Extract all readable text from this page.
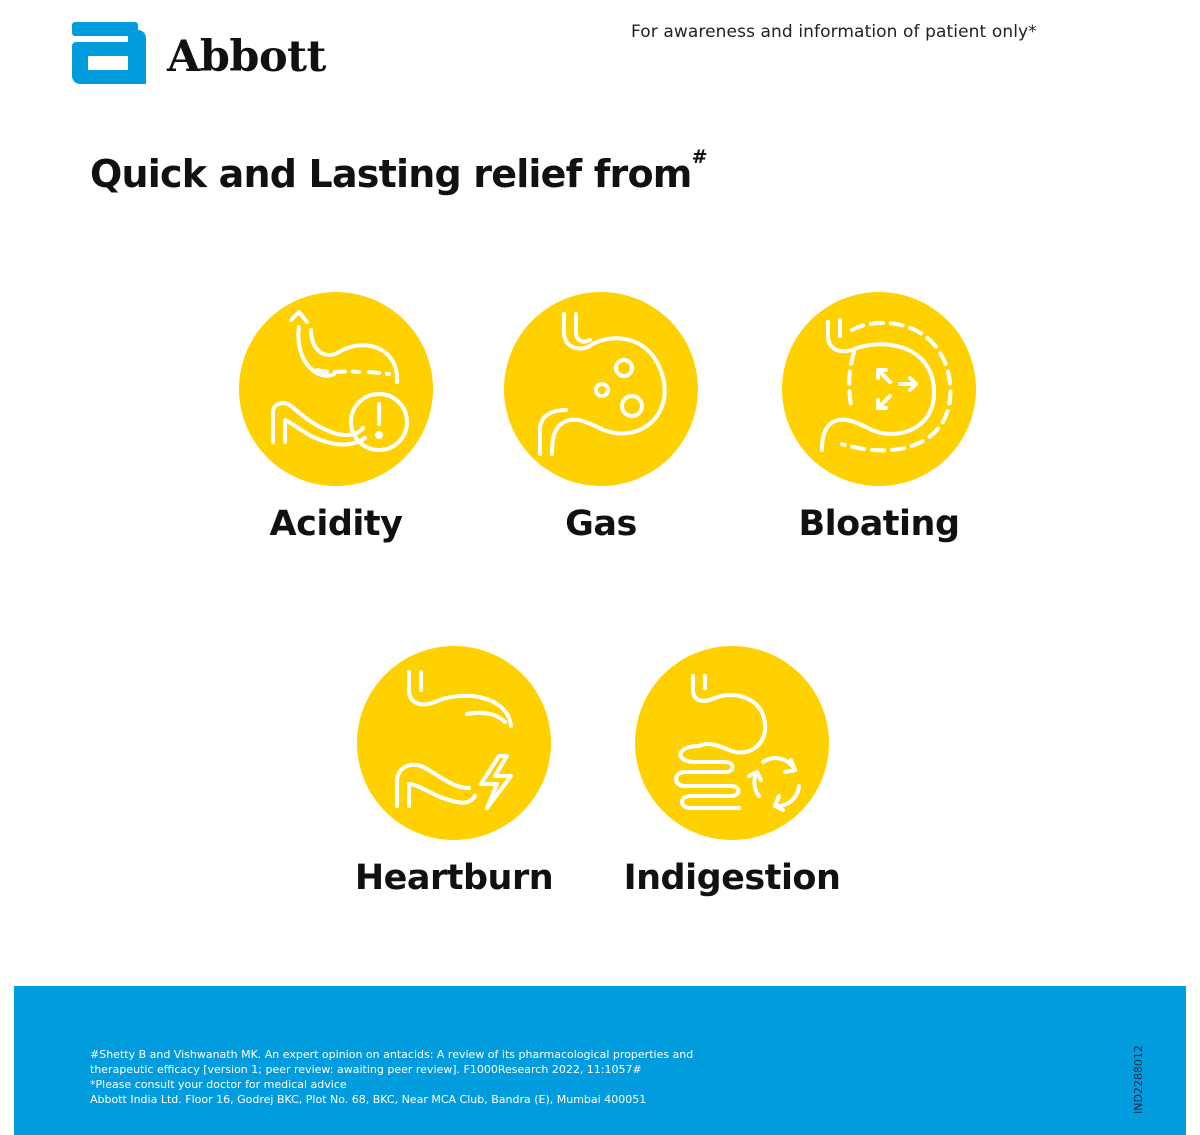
Abbott	For awareness and information of patient only*
Quick and Lasting relief from#
Acidity	Gas	Bloating
Heartburn	Indigestion
#Shetty B and Vishwanath MK. An expert opinion on antacids: A review of its pharmacological properties and
therapeutic efficacy [version 1; peer review: awaiting peer review]. F1000Research 2022, 11:1057#
*Please consult your doctor for medical advice
Abbott India Ltd. Floor 16, Godrej BKC, Plot No. 68, BKC, Near MCA Club, Bandra (E), Mumbai 400051	IND2288012
